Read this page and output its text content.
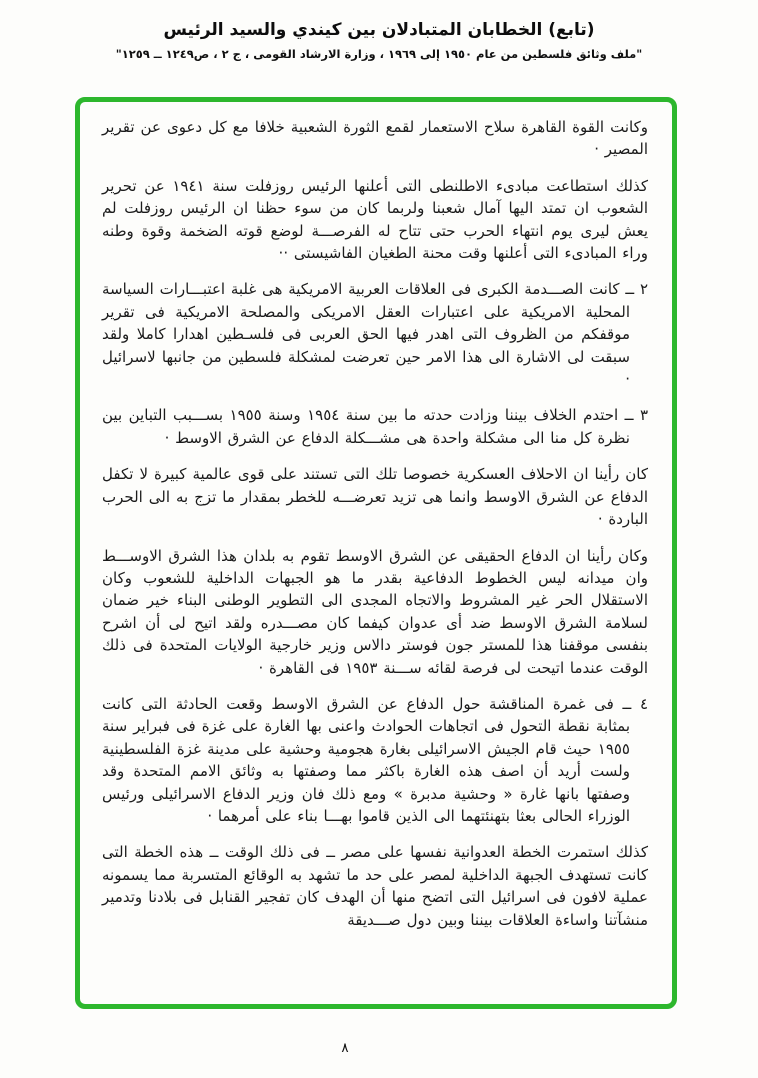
(تابع) الخطابان المتبادلان بين كيندي والسيد الرئيس
"ملف وثائق فلسطين من عام ١٩٥٠ إلى ١٩٦٩ ، وزارة الارشاد القومى ، ج ٢ ، ص١٢٤٩ ــ ١٢٥٩"

وكانت القوة القاهرة سلاح الاستعمار لقمع الثورة الشعبية خلافا مع كل دعوى عن تقرير المصير ·

كذلك استطاعت مبادىء الاطلنطى التى أعلنها الرئيس روزفلت سنة ١٩٤١ عن تحرير الشعوب ان تمتد اليها آمال شعبنا ولربما كان من سوء حظنا ان الرئيس روزفلت لم يعش ليرى يوم انتهاء الحرب حتى تتاح له الفرصـــة لوضع قوته الضخمة وقوة وطنه وراء المبادىء التى أعلنها وقت محنة الطغيان الفاشيستى ··

٢ ــ كانت الصـــدمة الكبرى فى العلاقات العربية الامريكية هى غلبة اعتبـــارات السياسة المحلية الامريكية على اعتبارات العقل الامريكى والمصلحة الامريكية فى تقرير موقفكم من الظروف التى اهدر فيها الحق العربى فى فلسـطين اهدارا كاملا ولقد سبقت لى الاشارة الى هذا الامر حين تعرضت لمشكلة فلسطين من جانبها لاسرائيل ·

٣ ــ احتدم الخلاف بيننا وزادت حدته ما بين سنة ١٩٥٤ وسنة ١٩٥٥ بســـبب التباين بين نظرة كل منا الى مشكلة واحدة هى مشـــكلة الدفاع عن الشرق الاوسط ·

كان رأينا ان الاحلاف العسكرية خصوصا تلك التى تستند على قوى عالمية كبيرة لا تكفل الدفاع عن الشرق الاوسط وانما هى تزيد تعرضـــه للخطر بمقدار ما تزج به الى الحرب الباردة ·

وكان رأينا ان الدفاع الحقيقى عن الشرق الاوسط تقوم به بلدان هذا الشرق الاوســـط وان ميدانه ليس الخطوط الدفاعية بقدر ما هو الجبهات الداخلية للشعوب وكان الاستقلال الحر غير المشروط والاتجاه المجدى الى التطوير الوطنى البناء خير ضمان لسلامة الشرق الاوسط ضد أى عدوان كيفما كان مصـــدره ولقد اتيح لى أن اشرح بنفسى موقفنا هذا للمستر جون فوستر دالاس وزير خارجية الولايات المتحدة فى ذلك الوقت عندما اتيحت لى فرصة لقائه ســـنة ١٩٥٣ فى القاهرة ·

٤ ــ فى غمرة المناقشة حول الدفاع عن الشرق الاوسط وقعت الحادثة التى كانت بمثابة نقطة التحول فى اتجاهات الحوادث واعنى بها الغارة على غزة فى فبراير سنة ١٩٥٥ حيث قام الجيش الاسرائيلى بغارة هجومية وحشية على مدينة غزة الفلسطينية ولست أريد أن اصف هذه الغارة باكثر مما وصفتها به وثائق الامم المتحدة وقد وصفتها بانها غارة « وحشية مدبرة » ومع ذلك فان وزير الدفاع الاسرائيلى ورئيس الوزراء الحالى بعثا بتهنئتهما الى الذين قاموا بهـــا بناء على أمرهما ·

كذلك استمرت الخطة العدوانية نفسها على مصر ــ فى ذلك الوقت ــ هذه الخطة التى كانت تستهدف الجبهة الداخلية لمصر على حد ما تشهد به الوقائع المتسربة مما يسمونه عملية لافون فى اسرائيل التى اتضح منها أن الهدف كان تفجير القنابل فى بلادنا وتدمير منشآتنا واساءة العلاقات بيننا وبين دول صـــديقة

٨
